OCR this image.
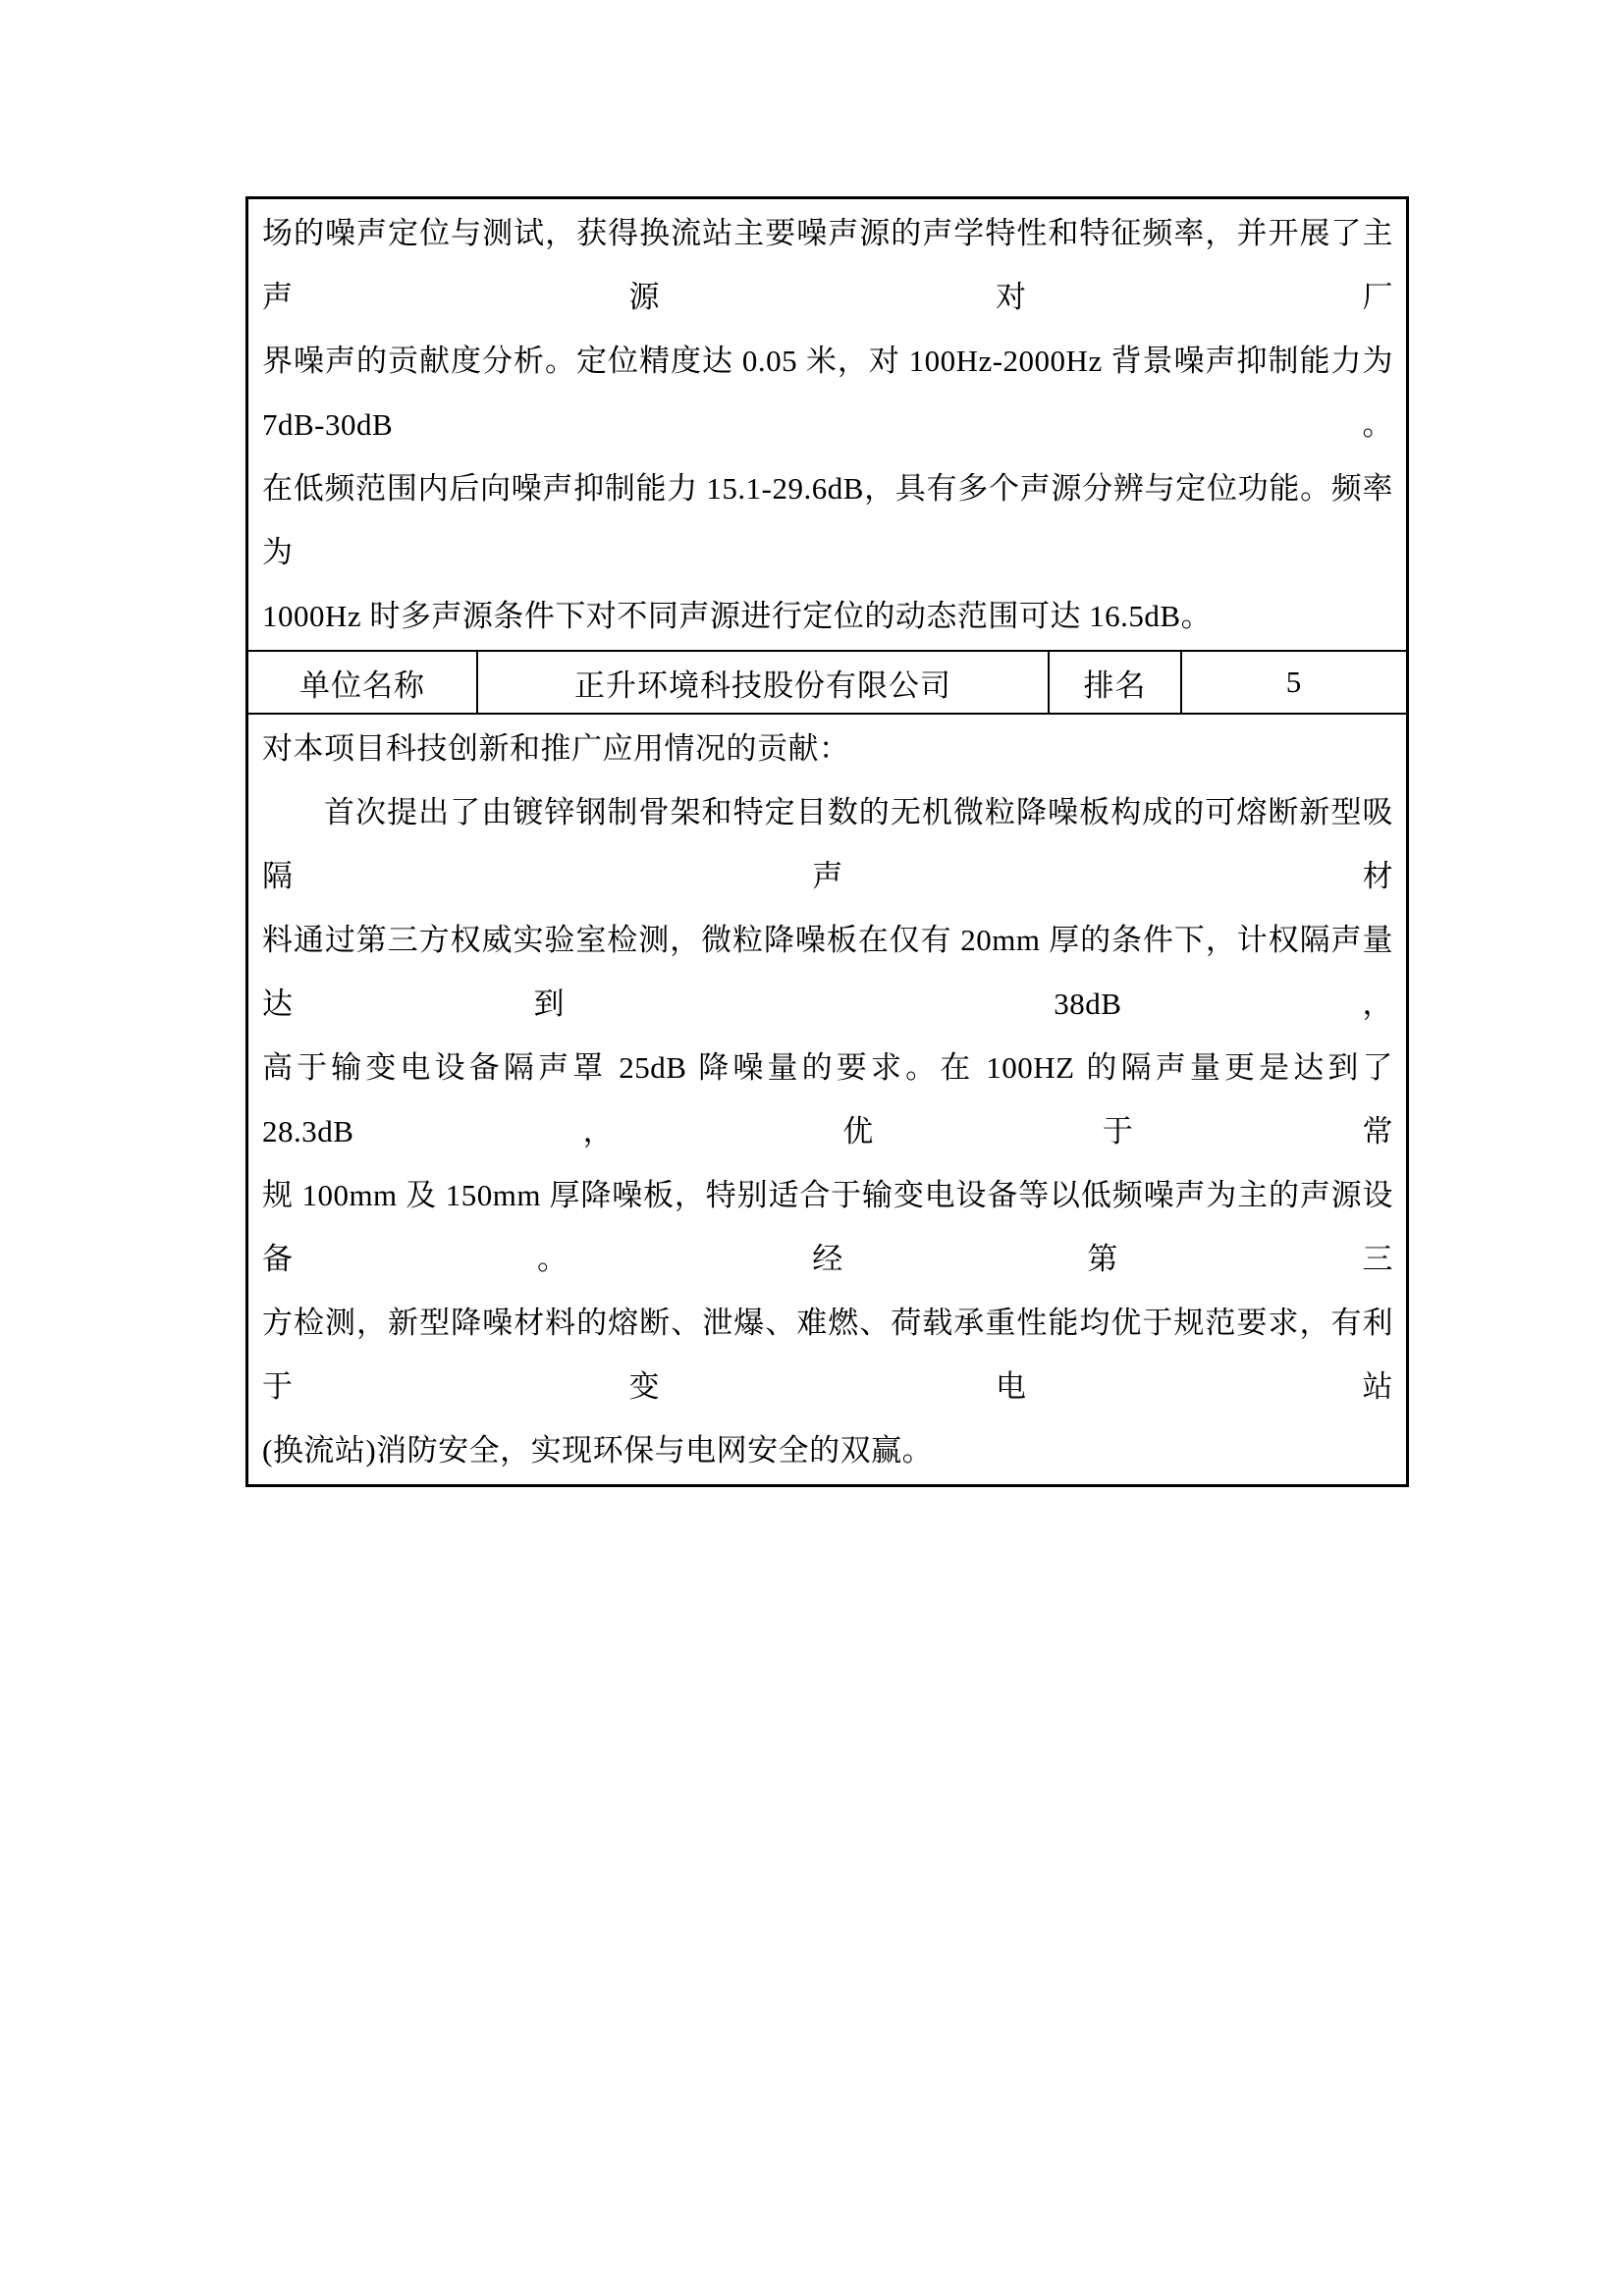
场的噪声定位与测试，获得换流站主要噪声源的声学特性和特征频率，并开展了主声源对厂
界噪声的贡献度分析。定位精度达 0.05 米，对 100Hz-2000Hz 背景噪声抑制能力为 7dB-30dB。
在低频范围内后向噪声抑制能力 15.1-29.6dB，具有多个声源分辨与定位功能。频率为
1000Hz 时多声源条件下对不同声源进行定位的动态范围可达 16.5dB。
单位名称	正升环境科技股份有限公司	排名	5
对本项目科技创新和推广应用情况的贡献：
首次提出了由镀锌钢制骨架和特定目数的无机微粒降噪板构成的可熔断新型吸隔声材
料通过第三方权威实验室检测，微粒降噪板在仅有 20mm 厚的条件下，计权隔声量达到 38dB，
高于输变电设备隔声罩 25dB 降噪量的要求。在 100HZ 的隔声量更是达到了 28.3dB，优于常
规 100mm 及 150mm 厚降噪板，特别适合于输变电设备等以低频噪声为主的声源设备。经第三
方检测，新型降噪材料的熔断、泄爆、难燃、荷载承重性能均优于规范要求，有利于变电站
(换流站)消防安全，实现环保与电网安全的双赢。
